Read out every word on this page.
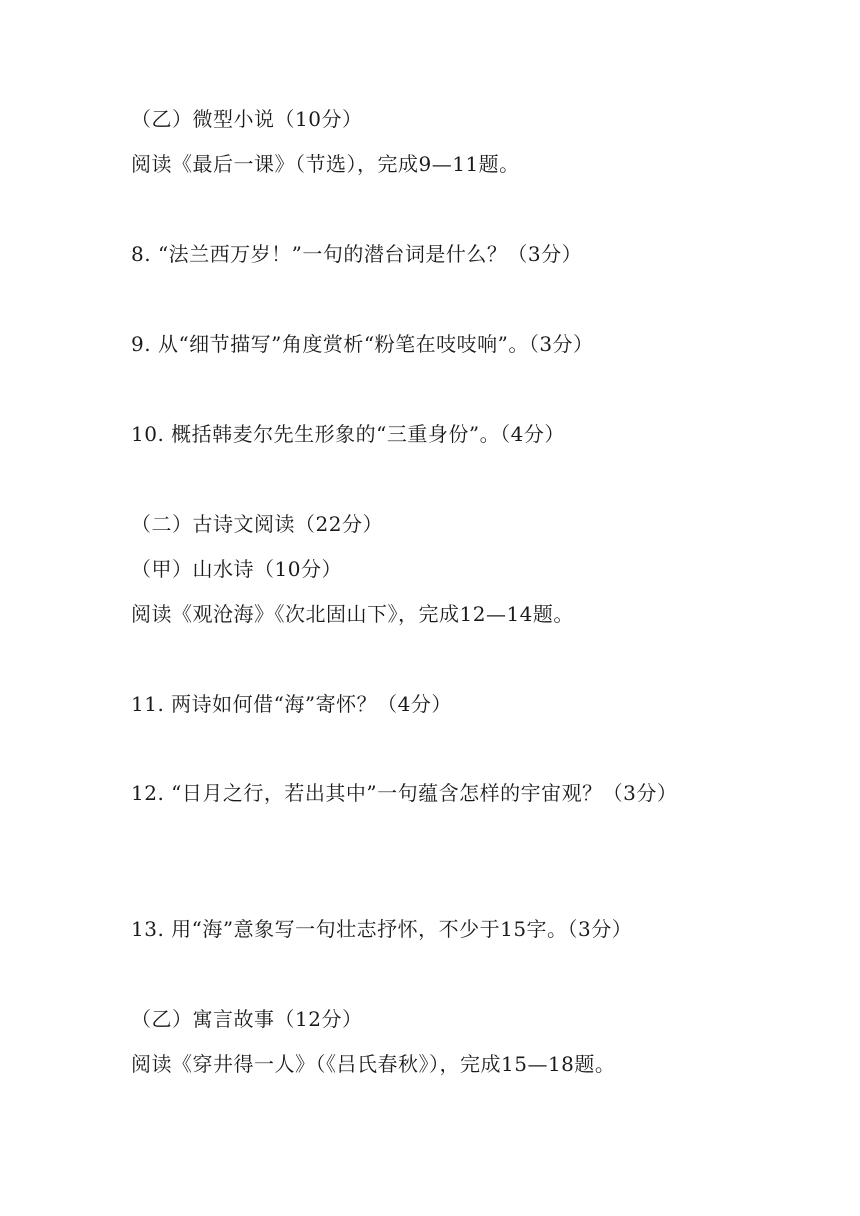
（乙）微型小说（10分）
阅读《最后一课》（节选），完成9—11题。
8. “法兰西万岁！”一句的潜台词是什么？（3分）
9. 从“细节描写”角度赏析“粉笔在吱吱响”。（3分）
10. 概括韩麦尔先生形象的“三重身份”。（4分）
（二）古诗文阅读（22分）
（甲）山水诗（10分）
阅读《观沧海》《次北固山下》，完成12—14题。
11. 两诗如何借“海”寄怀？（4分）
12. “日月之行，若出其中”一句蕴含怎样的宇宙观？（3分）
13. 用“海”意象写一句壮志抒怀，不少于15字。（3分）
（乙）寓言故事（12分）
阅读《穿井得一人》（《吕氏春秋》），完成15—18题。
